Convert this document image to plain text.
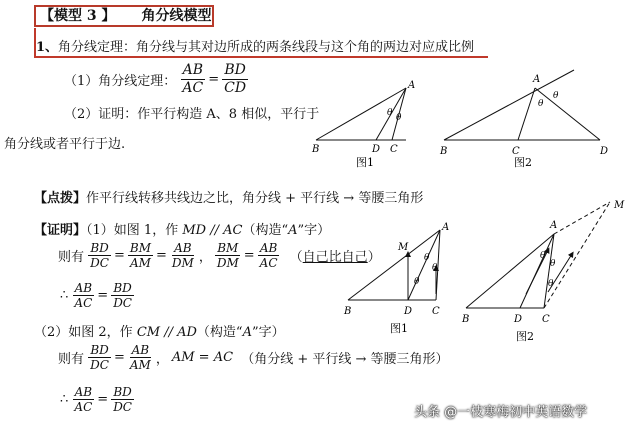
【模型 3 】 角分线模型
1、角分线定理：角分线与其对边所成的两条线段与这个角的两边对应成比例
（1）角分线定理： $\frac{AB}{AC} = \frac{BD}{CD}$
（2）证明：作平行构造 A、8 相似，平行于
角分线或者平行于边.
A
B	D C
θ θ
图1
A
B	C	D
θ
θ
图2
【点拨】作平行线转移共线边之比，角分线 + 平行线 → 等腰三角形
【证明】（1）如图 1，作 MD // AC（构造“A”字）
则有 $\frac{BD}{DC} = \frac{BM}{AM} = \frac{AB}{DM}$ ， $\frac{BM}{DM} = \frac{AB}{AC}$ （自己比自己）
∴ $\frac{AB}{AC} = \frac{BD}{DC}$
（2）如图 2，作 CM // AD（构造“A”字）
则有 $\frac{BD}{DC} = \frac{AB}{AM}$ ， AM = AC （角分线 + 平行线 → 等腰三角形）
∴ $\frac{AB}{AC} = \frac{BD}{DC}$
A
B	D C
M
θ
θ
θ
图1
A
B	D C
M
θ
θ
θ
图2
头条 @一枝寒梅初中英语数学
